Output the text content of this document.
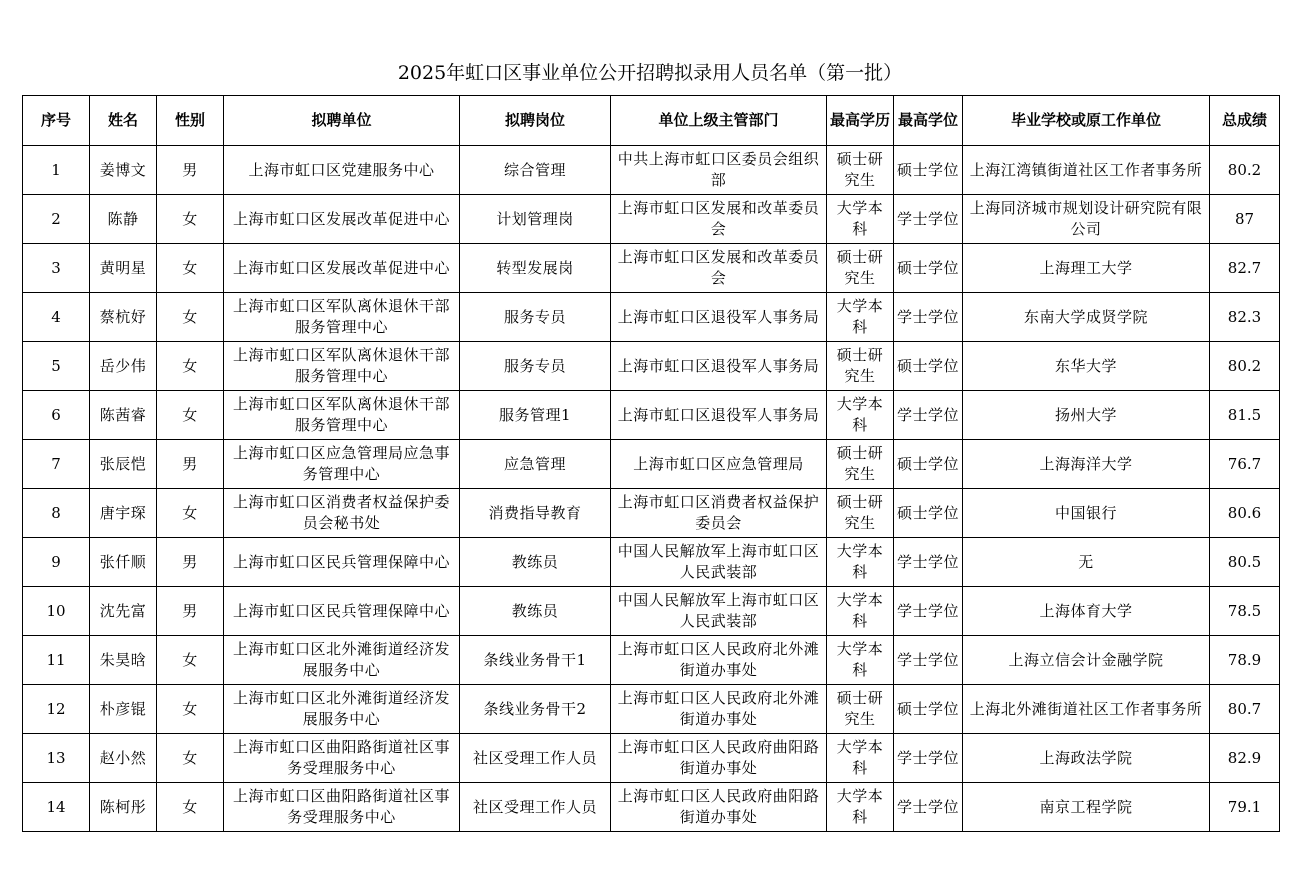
2025年虹口区事业单位公开招聘拟录用人员名单（第一批）
序号	姓名	性别	拟聘单位	拟聘岗位	单位上级主管部门	最高学历	最高学位	毕业学校或原工作单位	总成绩
1	姜博文	男	上海市虹口区党建服务中心	综合管理	中共上海市虹口区委员会组织部	硕士研究生	硕士学位	上海江湾镇街道社区工作者事务所	80.2
2	陈静	女	上海市虹口区发展改革促进中心	计划管理岗	上海市虹口区发展和改革委员会	大学本科	学士学位	上海同济城市规划设计研究院有限公司	87
3	黄明星	女	上海市虹口区发展改革促进中心	转型发展岗	上海市虹口区发展和改革委员会	硕士研究生	硕士学位	上海理工大学	82.7
4	蔡杭妤	女	上海市虹口区军队离休退休干部服务管理中心	服务专员	上海市虹口区退役军人事务局	大学本科	学士学位	东南大学成贤学院	82.3
5	岳少伟	女	上海市虹口区军队离休退休干部服务管理中心	服务专员	上海市虹口区退役军人事务局	硕士研究生	硕士学位	东华大学	80.2
6	陈茜睿	女	上海市虹口区军队离休退休干部服务管理中心	服务管理1	上海市虹口区退役军人事务局	大学本科	学士学位	扬州大学	81.5
7	张辰恺	男	上海市虹口区应急管理局应急事务管理中心	应急管理	上海市虹口区应急管理局	硕士研究生	硕士学位	上海海洋大学	76.7
8	唐宇琛	女	上海市虹口区消费者权益保护委员会秘书处	消费指导教育	上海市虹口区消费者权益保护委员会	硕士研究生	硕士学位	中国银行	80.6
9	张仟顺	男	上海市虹口区民兵管理保障中心	教练员	中国人民解放军上海市虹口区人民武装部	大学本科	学士学位	无	80.5
10	沈先富	男	上海市虹口区民兵管理保障中心	教练员	中国人民解放军上海市虹口区人民武装部	大学本科	学士学位	上海体育大学	78.5
11	朱昊晗	女	上海市虹口区北外滩街道经济发展服务中心	条线业务骨干1	上海市虹口区人民政府北外滩街道办事处	大学本科	学士学位	上海立信会计金融学院	78.9
12	朴彦锟	女	上海市虹口区北外滩街道经济发展服务中心	条线业务骨干2	上海市虹口区人民政府北外滩街道办事处	硕士研究生	硕士学位	上海北外滩街道社区工作者事务所	80.7
13	赵小然	女	上海市虹口区曲阳路街道社区事务受理服务中心	社区受理工作人员	上海市虹口区人民政府曲阳路街道办事处	大学本科	学士学位	上海政法学院	82.9
14	陈柯彤	女	上海市虹口区曲阳路街道社区事务受理服务中心	社区受理工作人员	上海市虹口区人民政府曲阳路街道办事处	大学本科	学士学位	南京工程学院	79.1
